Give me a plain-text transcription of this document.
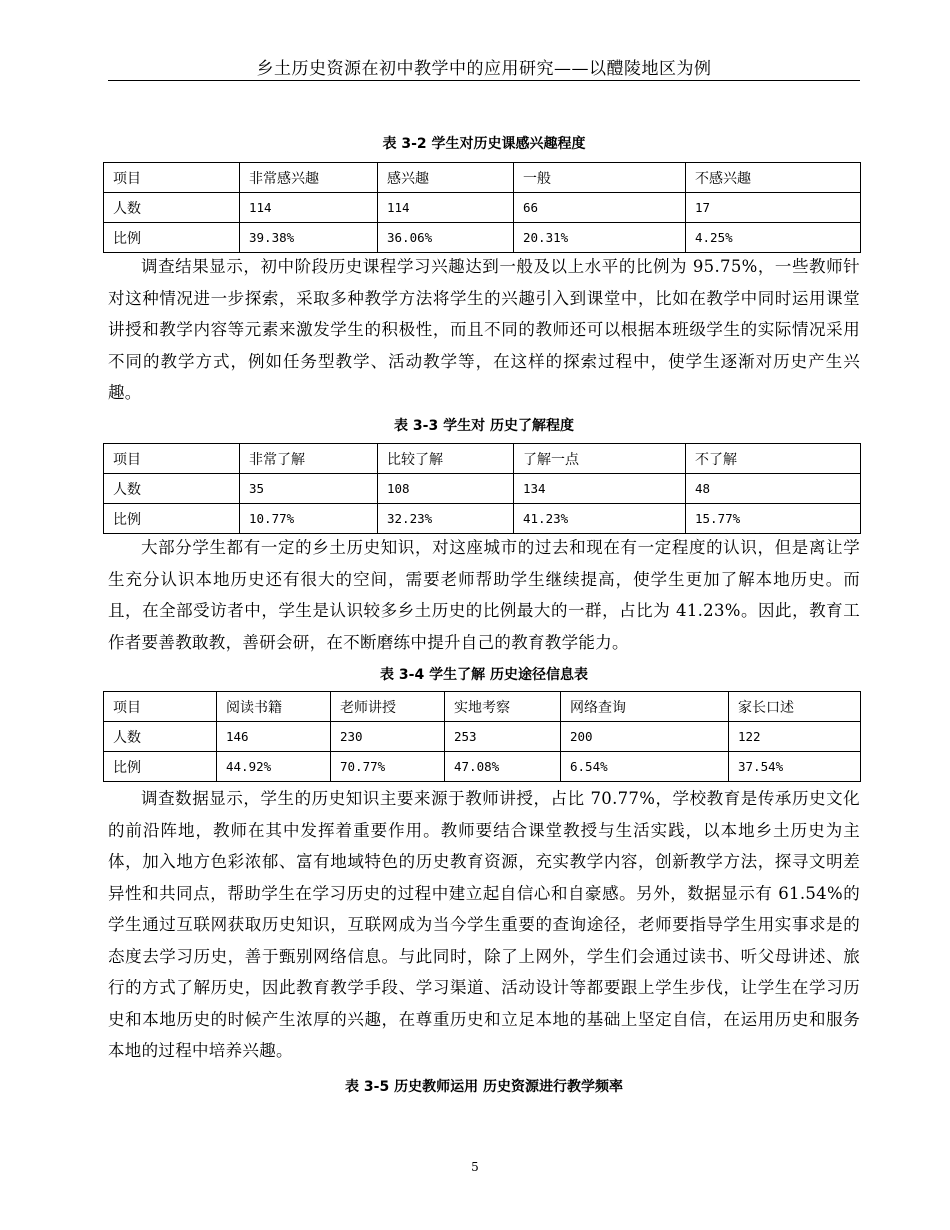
乡土历史资源在初中教学中的应用研究——以醴陵地区为例
表 3-2 学生对历史课感兴趣程度
项目	非常感兴趣	感兴趣	一般	不感兴趣
人数	114	114	66	17
比例	39.38%	36.06%	20.31%	4.25%

调查结果显示，初中阶段历史课程学习兴趣达到一般及以上水平的比例为 95.75%，一些教师针对这种情况进一步探索，采取多种教学方法将学生的兴趣引入到课堂中，比如在教学中同时运用课堂讲授和教学内容等元素来激发学生的积极性，而且不同的教师还可以根据本班级学生的实际情况采用不同的教学方式，例如任务型教学、活动教学等，在这样的探索过程中，使学生逐渐对历史产生兴趣。

表 3-3 学生对 历史了解程度
项目	非常了解	比较了解	了解一点	不了解
人数	35	108	134	48
比例	10.77%	32.23%	41.23%	15.77%

大部分学生都有一定的乡土历史知识，对这座城市的过去和现在有一定程度的认识，但是离让学生充分认识本地历史还有很大的空间，需要老师帮助学生继续提高，使学生更加了解本地历史。而且，在全部受访者中，学生是认识较多乡土历史的比例最大的一群，占比为 41.23%。因此，教育工作者要善教敢教，善研会研，在不断磨练中提升自己的教育教学能力。

表 3-4 学生了解 历史途径信息表
项目	阅读书籍	老师讲授	实地考察	网络查询	家长口述
人数	146	230	253	200	122
比例	44.92%	70.77%	47.08%	6.54%	37.54%

调查数据显示，学生的历史知识主要来源于教师讲授，占比 70.77%，学校教育是传承历史文化的前沿阵地，教师在其中发挥着重要作用。教师要结合课堂教授与生活实践，以本地乡土历史为主体，加入地方色彩浓郁、富有地域特色的历史教育资源，充实教学内容，创新教学方法，探寻文明差异性和共同点，帮助学生在学习历史的过程中建立起自信心和自豪感。另外，数据显示有 61.54%的学生通过互联网获取历史知识，互联网成为当今学生重要的查询途径，老师要指导学生用实事求是的态度去学习历史，善于甄别网络信息。与此同时，除了上网外，学生们会通过读书、听父母讲述、旅行的方式了解历史，因此教育教学手段、学习渠道、活动设计等都要跟上学生步伐，让学生在学习历史和本地历史的时候产生浓厚的兴趣，在尊重历史和立足本地的基础上坚定自信，在运用历史和服务本地的过程中培养兴趣。

表 3-5 历史教师运用 历史资源进行教学频率
5
